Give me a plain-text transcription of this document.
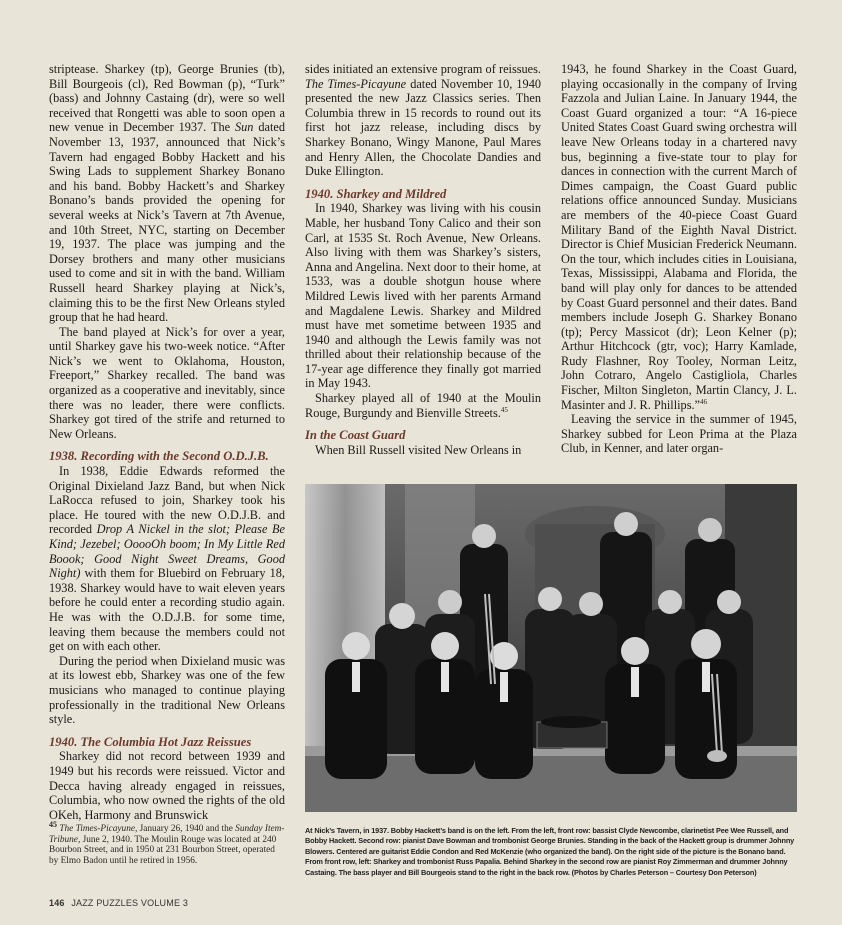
striptease. Sharkey (tp), George Brunies (tb), Bill Bourgeois (cl), Red Bowman (p), “Turk” (bass) and Johnny Castaing (dr), were so well received that Rongetti was able to soon open a new venue in December 1937. The Sun dated November 13, 1937, announced that Nick’s Tavern had engaged Bobby Hackett and his Swing Lads to supplement Sharkey Bonano and his band. Bobby Hackett’s and Sharkey Bonano’s bands provided the opening for several weeks at Nick’s Tavern at 7th Avenue, and 10th Street, NYC, starting on December 19, 1937. The place was jumping and the Dorsey brothers and many other musicians used to come and sit in with the band. William Russell heard Sharkey playing at Nick’s, claiming this to be the first New Orleans styled group that he had heard.

The band played at Nick’s for over a year, until Sharkey gave his two-week notice. “After Nick’s we went to Oklahoma, Houston, Freeport,” Sharkey recalled. The band was organized as a cooperative and inevitably, since there was no leader, there were conflicts. Sharkey got tired of the strife and returned to New Orleans.

1938. Recording with the Second O.D.J.B.

In 1938, Eddie Edwards reformed the Original Dixieland Jazz Band, but when Nick LaRocca refused to join, Sharkey took his place. He toured with the new O.D.J.B. and recorded Drop A Nickel in the slot; Please Be Kind; Jezebel; OoooOh boom; In My Little Red Boook; Good Night Sweet Dreams, Good Night) with them for Bluebird on February 18, 1938. Sharkey would have to wait eleven years before he could enter a recording studio again. He was with the O.D.J.B. for some time, leaving them because the members could not get on with each other.

During the period when Dixieland music was at its lowest ebb, Sharkey was one of the few musicians who managed to continue playing professionally in the traditional New Orleans style.

1940. The Columbia Hot Jazz Reissues

Sharkey did not record between 1939 and 1949 but his records were reissued. Victor and Decca having already engaged in reissues, Columbia, who now owned the rights of the old OKeh, Harmony and Brunswick

sides initiated an extensive program of reissues. The Times-Picayune dated November 10, 1940 presented the new Jazz Classics series. Then Columbia threw in 15 records to round out its first hot jazz release, including discs by Sharkey Bonano, Wingy Manone, Paul Mares and Henry Allen, the Chocolate Dandies and Duke Ellington.

1940. Sharkey and Mildred

In 1940, Sharkey was living with his cousin Mable, her husband Tony Calico and their son Carl, at 1535 St. Roch Avenue, New Orleans. Also living with them was Sharkey’s sisters, Anna and Angelina. Next door to their home, at 1533, was a double shotgun house where Mildred Lewis lived with her parents Armand and Magdalene Lewis. Sharkey and Mildred must have met sometime between 1935 and 1940 and although the Lewis family was not thrilled about their relationship because of the 17-year age difference they finally got married in May 1943.

Sharkey played all of 1940 at the Moulin Rouge, Burgundy and Bienville Streets.$^{45}$

In the Coast Guard

When Bill Russell visited New Orleans in

1943, he found Sharkey in the Coast Guard, playing occasionally in the company of Irving Fazzola and Julian Laine. In January 1944, the Coast Guard organized a tour: “A 16-piece United States Coast Guard swing orchestra will leave New Orleans today in a chartered navy bus, beginning a five-state tour to play for dances in connection with the current March of Dimes campaign, the Coast Guard public relations office announced Sunday. Musicians are members of the 40-piece Coast Guard Military Band of the Eighth Naval District. Director is Chief Musician Frederick Neumann. On the tour, which includes cities in Louisiana, Texas, Mississippi, Alabama and Florida, the band will play only for dances to be attended by Coast Guard personnel and their dates. Band members include Joseph G. Sharkey Bonano (tp); Percy Massicot (dr); Leon Kelner (p); Arthur Hitchcock (gtr, voc); Harry Kamlade, Rudy Flashner, Roy Tooley, Norman Leitz, John Cotraro, Angelo Castigliola, Charles Fischer, Milton Singleton, Martin Clancy, J. L. Masinter and J. R. Phillips.”$^{46}$

Leaving the service in the summer of 1945, Sharkey subbed for Leon Prima at the Plaza Club, in Kenner, and later organ-

At Nick’s Tavern, in 1937. Bobby Hackett’s band is on the left. From the left, front row: bassist Clyde Newcombe, clarinetist Pee Wee Russell, and Bobby Hackett. Second row: pianist Dave Bowman and trombonist George Brunies. Standing in the back of the Hackett group is drummer Johnny Blowers. Centered are guitarist Eddie Condon and Red McKenzie (who organized the band). On the right side of the picture is the Bonano band. From front row, left: Sharkey and trombonist Russ Papalia. Behind Sharkey in the second row are pianist Roy Zimmerman and drummer Johnny Castaing. The bass player and Bill Bourgeois stand to the right in the back row. (Photos by Charles Peterson – Courtesy Don Peterson)
45 The Times-Picayune, January 26, 1940 and the Sunday Item-Tribune, June 2, 1940. The Moulin Rouge was located at 240 Bourbon Street, and in 1950 at 231 Bourbon Street, operated by Elmo Badon until he retired in 1956.
146 JAZZ PUZZLES VOLUME 3
